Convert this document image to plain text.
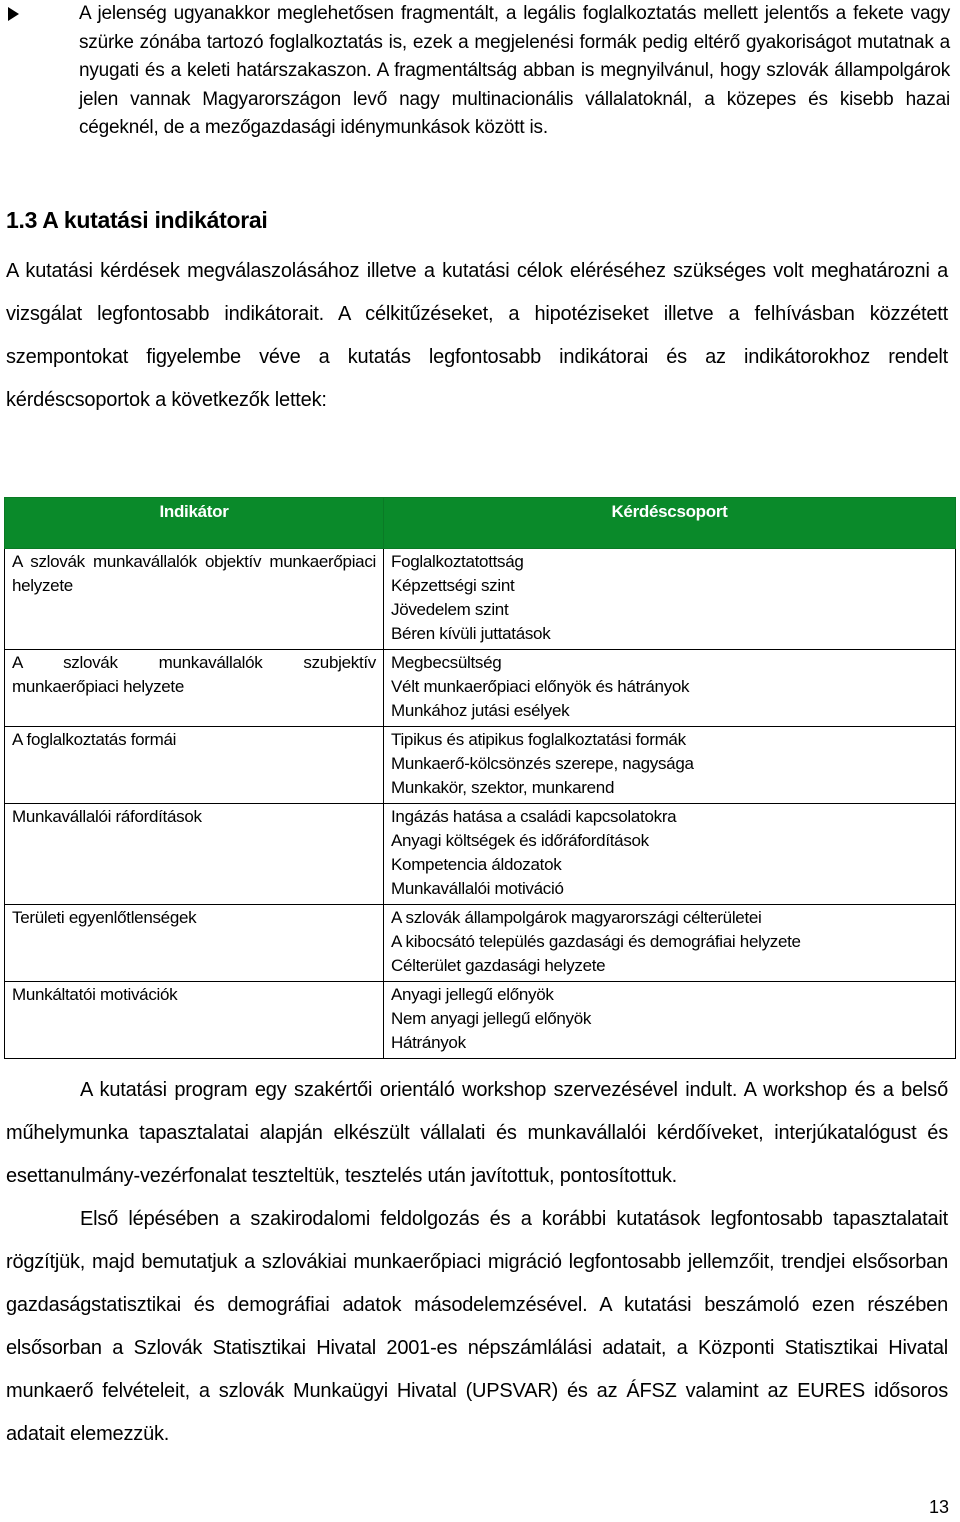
A jelenség ugyanakkor meglehetősen fragmentált, a legális foglalkoztatás mellett jelentős a fekete vagy szürke zónába tartozó foglalkoztatás is, ezek a megjelenési formák pedig eltérő gyakoriságot mutatnak a nyugati és a keleti határszakaszon. A fragmentáltság abban is megnyilvánul, hogy szlovák állampolgárok jelen vannak Magyarországon levő nagy multinacionális vállalatoknál, a közepes és kisebb hazai cégeknél, de a mezőgazdasági idénymunkások között is.
1.3 A kutatási indikátorai

A kutatási kérdések megválaszolásához illetve a kutatási célok eléréséhez szükséges volt meghatározni a vizsgálat legfontosabb indikátorait. A célkitűzéseket, a hipotéziseket illetve a felhívásban közzétett szempontokat figyelembe véve a kutatás legfontosabb indikátorai és az indikátorokhoz rendelt kérdéscsoportok a következők lettek:

Indikátor	Kérdéscsoport
A szlovák munkavállalók objektív munkaerőpiaci helyzete	Foglalkoztatottság
Képzettségi szint
Jövedelem szint
Béren kívüli juttatások

A szlovák munkavállalók szubjektív munkaerőpiaci helyzete	Megbecsültség
Vélt munkaerőpiaci előnyök és hátrányok
Munkához jutási esélyek

A foglalkoztatás formái	Tipikus és atipikus foglalkoztatási formák
Munkaerő-kölcsönzés szerepe, nagysága
Munkakör, szektor, munkarend

Munkavállalói ráfordítások	Ingázás hatása a családi kapcsolatokra
Anyagi költségek és időráfordítások
Kompetencia áldozatok
Munkavállalói motiváció

Területi egyenlőtlenségek	A szlovák állampolgárok magyarországi célterületei
A kibocsátó település gazdasági és demográfiai helyzete
Célterület gazdasági helyzete

Munkáltatói motivációk	Anyagi jellegű előnyök
Nem anyagi jellegű előnyök
Hátrányok

A kutatási program egy szakértői orientáló workshop szervezésével indult. A workshop és a belső műhelymunka tapasztalatai alapján elkészült vállalati és munkavállalói kérdőíveket, interjúkatalógust és esettanulmány-vezérfonalat teszteltük, tesztelés után javítottuk, pontosítottuk.

Első lépésében a szakirodalomi feldolgozás és a korábbi kutatások legfontosabb tapasztalatait rögzítjük, majd bemutatjuk a szlovákiai munkaerőpiaci migráció legfontosabb jellemzőit, trendjei elsősorban gazdaságstatisztikai és demográfiai adatok másodelemzésével. A kutatási beszámoló ezen részében elsősorban a Szlovák Statisztikai Hivatal 2001-es népszámlálási adatait, a Központi Statisztikai Hivatal munkaerő felvételeit, a szlovák Munkaügyi Hivatal (UPSVAR) és az ÁFSZ valamint az EURES idősoros adatait elemezzük.

13
